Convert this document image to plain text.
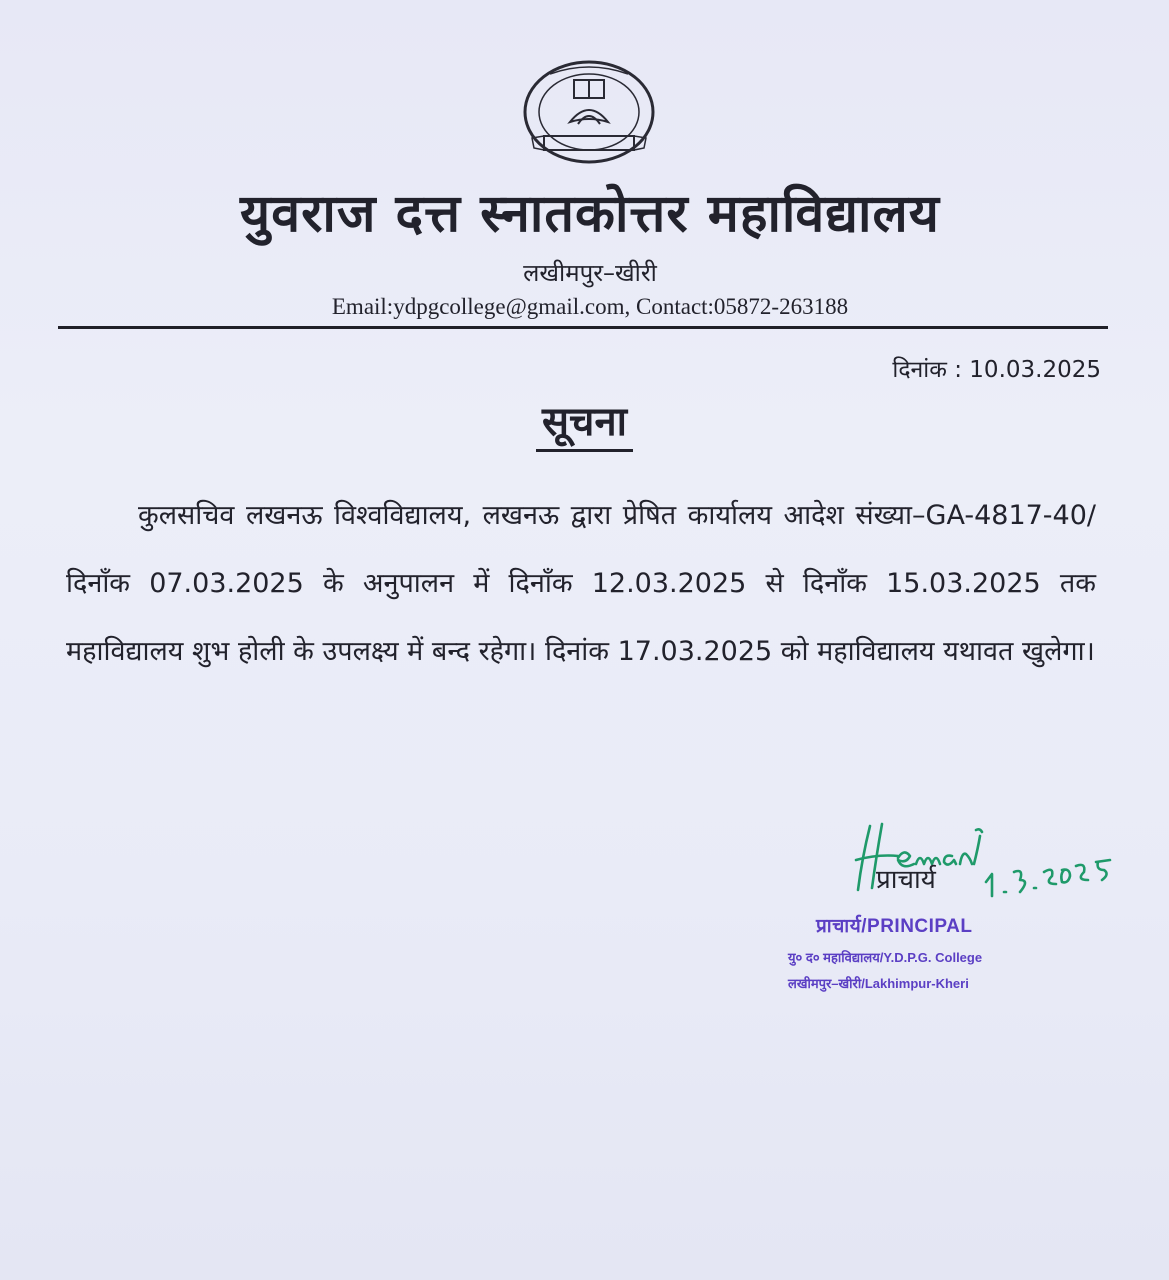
युवराज दत्त स्नातकोत्तर महाविद्यालय
लखीमपुर–खीरी
Email:ydpgcollege@gmail.com, Contact:05872-263188
दिनांक : 10.03.2025
सूचना
कुलसचिव लखनऊ विश्वविद्यालय, लखनऊ द्वारा प्रेषित कार्यालय आदेश संख्या–GA-4817-40/दिनाँक 07.03.2025 के अनुपालन में दिनाँक 12.03.2025 से दिनाँक 15.03.2025 तक महाविद्यालय शुभ होली के उपलक्ष्य में बन्द रहेगा। दिनांक 17.03.2025 को महाविद्यालय यथावत खुलेगा।
प्राचार्य
प्राचार्य/PRINCIPAL
यु० द० महाविद्यालय/Y.D.P.G. College
लखीमपुर–खीरी/Lakhimpur-Kheri
